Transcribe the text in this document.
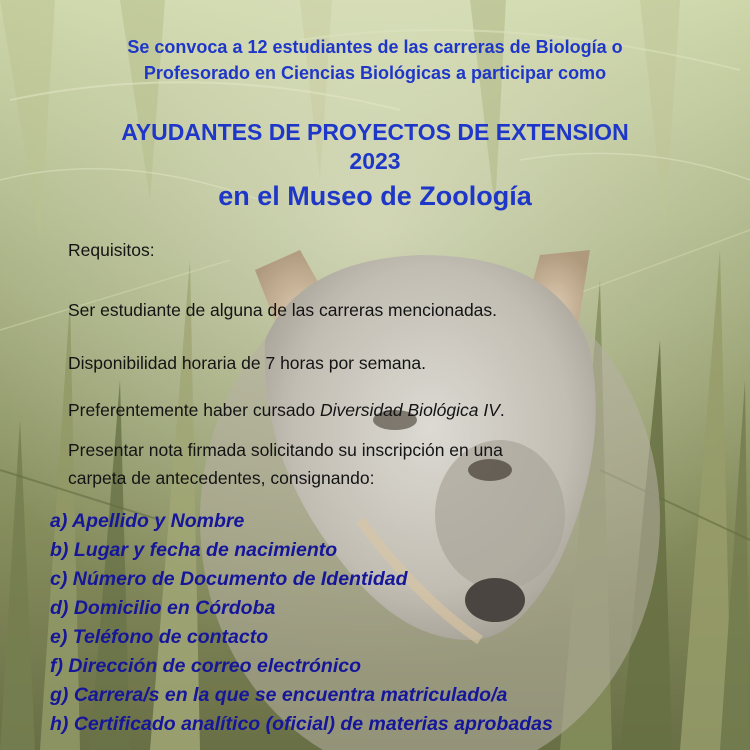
Se convoca a 12 estudiantes de las carreras de Biología o
Profesorado en Ciencias Biológicas a participar como
AYUDANTES DE PROYECTOS DE EXTENSION
2023
en el Museo de Zoología
Requisitos:
Ser estudiante de alguna de las carreras mencionadas.
Disponibilidad horaria de 7 horas por semana.
Preferentemente haber cursado Diversidad Biológica IV.
Presentar nota firmada solicitando su inscripción en una
carpeta de antecedentes, consignando:
a) Apellido y Nombre
b) Lugar y fecha de nacimiento
c) Número de Documento de Identidad
d) Domicilio en Córdoba
e) Teléfono de contacto
f) Dirección de correo electrónico
g) Carrera/s en la que se encuentra matriculado/a
h) Certificado analítico (oficial) de materias aprobadas
